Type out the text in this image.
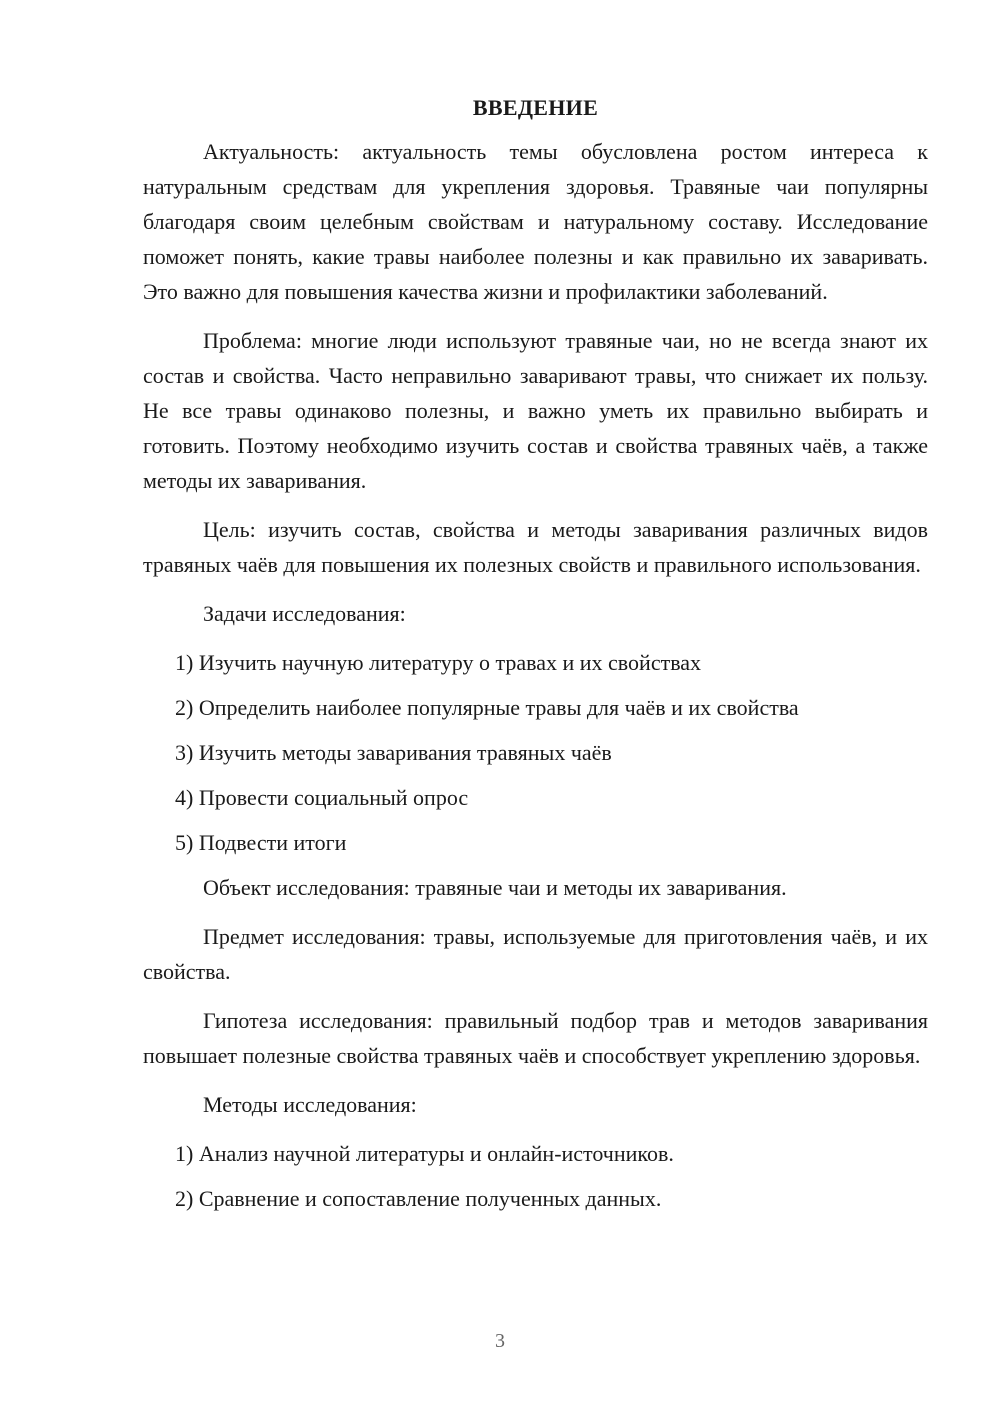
ВВЕДЕНИЕ

Актуальность: актуальность темы обусловлена ростом интереса к натуральным средствам для укрепления здоровья. Травяные чаи популярны благодаря своим целебным свойствам и натуральному составу. Исследование поможет понять, какие травы наиболее полезны и как правильно их заваривать. Это важно для повышения качества жизни и профилактики заболеваний.

Проблема: многие люди используют травяные чаи, но не всегда знают их состав и свойства. Часто неправильно заваривают травы, что снижает их пользу. Не все травы одинаково полезны, и важно уметь их правильно выбирать и готовить. Поэтому необходимо изучить состав и свойства травяных чаёв, а также методы их заваривания.

Цель: изучить состав, свойства и методы заваривания различных видов травяных чаёв для повышения их полезных свойств и правильного использования.

Задачи исследования:

1) Изучить научную литературу о травах и их свойствах
2) Определить наиболее популярные травы для чаёв и их свойства
3) Изучить методы заваривания травяных чаёв
4) Провести социальный опрос
5) Подвести итоги

Объект исследования: травяные чаи и методы их заваривания.

Предмет исследования: травы, используемые для приготовления чаёв, и их свойства.

Гипотеза исследования: правильный подбор трав и методов заваривания повышает полезные свойства травяных чаёв и способствует укреплению здоровья.

Методы исследования:

1) Анализ научной литературы и онлайн-источников.
2) Сравнение и сопоставление полученных данных.
3
